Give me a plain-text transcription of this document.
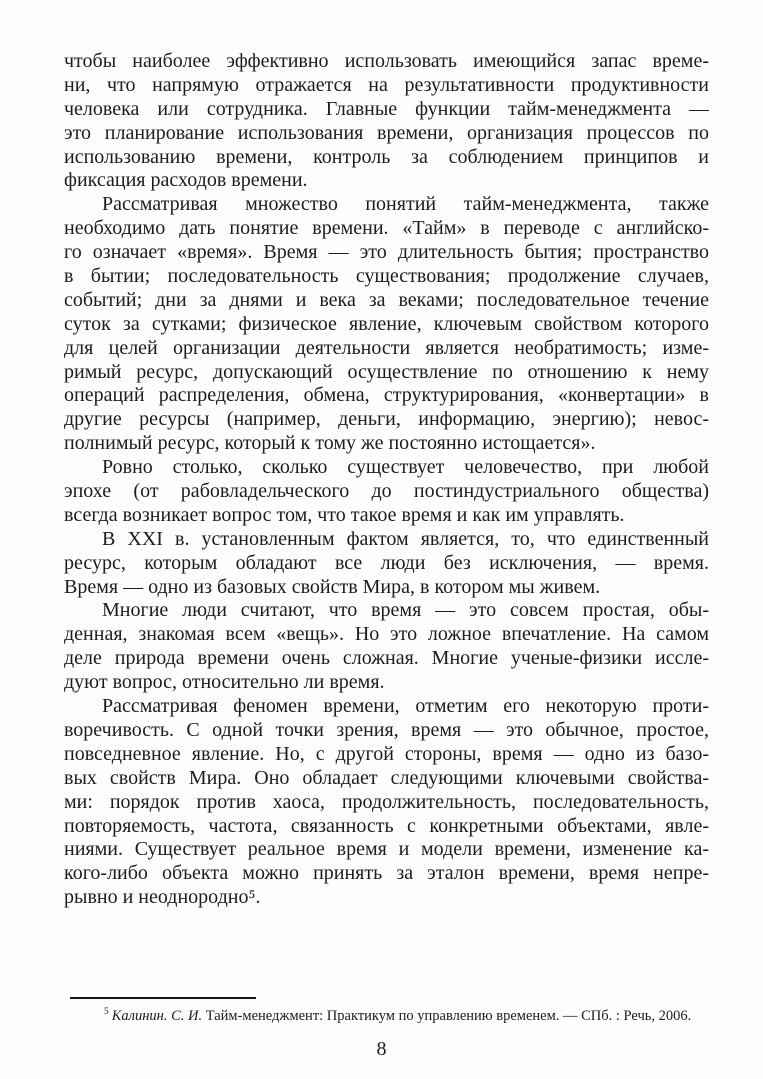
чтобы наиболее эффективно использовать имеющийся запас време-
ни, что напрямую отражается на результативности продуктивности
человека или сотрудника. Главные функции тайм-менеджмента —
это планирование использования времени, организация процессов по
использованию времени, контроль за соблюдением принципов и
фиксация расходов времени.
Рассматривая множество понятий тайм-менеджмента, также
необходимо дать понятие времени. «Тайм» в переводе с английско-
го означает «время». Время — это длительность бытия; пространство
в бытии; последовательность существования; продолжение случаев,
событий; дни за днями и века за веками; последовательное течение
суток за сутками; физическое явление, ключевым свойством которого
для целей организации деятельности является необратимость; изме-
римый ресурс, допускающий осуществление по отношению к нему
операций распределения, обмена, структурирования, «конвертации» в
другие ресурсы (например, деньги, информацию, энергию); невос-
полнимый ресурс, который к тому же постоянно истощается».
Ровно столько, сколько существует человечество, при любой
эпохе (от рабовладельческого до постиндустриального общества)
всегда возникает вопрос том, что такое время и как им управлять.
В XXI в. установленным фактом является, то, что единственный
ресурс, которым обладают все люди без исключения, — время.
Время — одно из базовых свойств Мира, в котором мы живем.
Многие люди считают, что время — это совсем простая, обы-
денная, знакомая всем «вещь». Но это ложное впечатление. На самом
деле природа времени очень сложная. Многие ученые-физики иссле-
дуют вопрос, относительно ли время.
Рассматривая феномен времени, отметим его некоторую проти-
воречивость. С одной точки зрения, время — это обычное, простое,
повседневное явление. Но, с другой стороны, время — одно из базо-
вых свойств Мира. Оно обладает следующими ключевыми свойства-
ми: порядок против хаоса, продолжительность, последовательность,
повторяемость, частота, связанность с конкретными объектами, явле-
ниями. Существует реальное время и модели времени, изменение ка-
кого-либо объекта можно принять за эталон времени, время непре-
рывно и неоднородно⁵.
$^5$ Калинин. С. И. Тайм-менеджмент: Практикум по управлению временем. — СПб. : Речь, 2006.
8
